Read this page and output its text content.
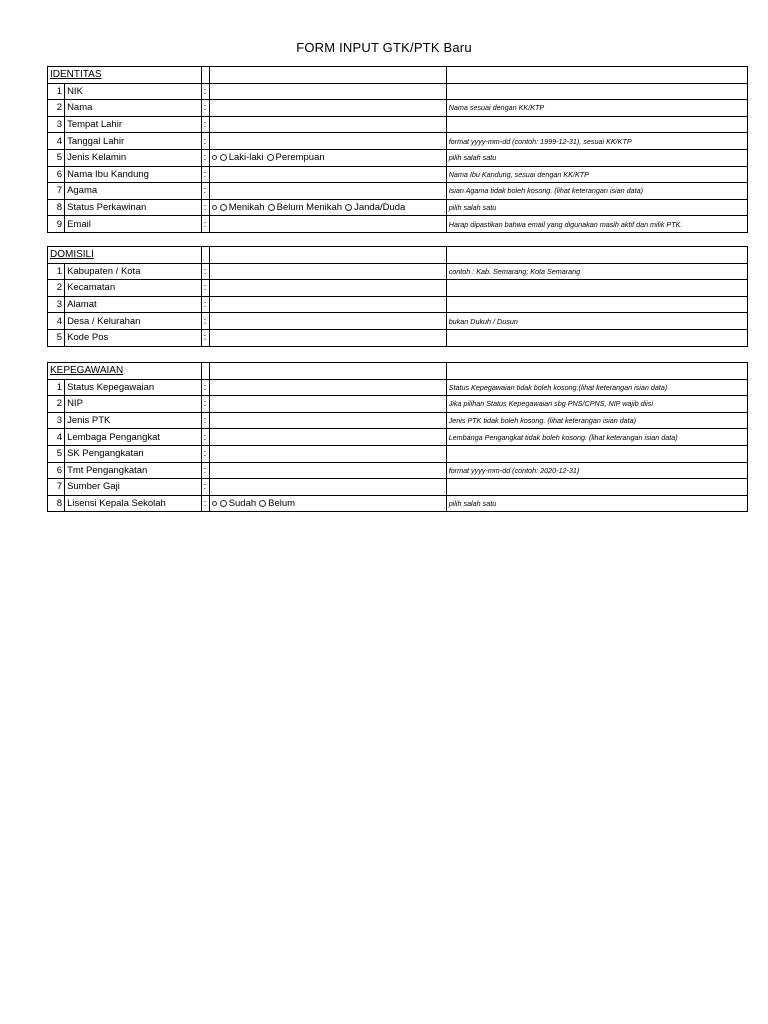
FORM INPUT GTK/PTK Baru
IDENTITAS				
1	NIK	:		
2	Nama	:		Nama sesuai dengan KK/KTP
3	Tempat Lahir	:		
4	Tanggal Lahir	:		format yyyy-mm-dd (contoh: 1999-12-31), sesuai KK/KTP
5	Jenis Kelamin	:	Laki-laki Perempuan	pilih salah satu
6	Nama Ibu Kandung	:		Nama Ibu Kandung, sesuai dengan KK/KTP
7	Agama	:		Isian Agama tidak boleh kosong. (lihat keterangan isian data)
8	Status Perkawinan	:	Menikah Belum Menikah Janda/Duda	pilih salah satu
9	Email	:		Harap dipastikan bahwa email yang digunakan masih aktif dan milik PTK.
DOMISILI				
1	Kabupaten / Kota	:		contoh : Kab. Semarang; Kota Semarang
2	Kecamatan	:		
3	Alamat	:		
4	Desa / Kelurahan	:		bukan Dukuh / Dusun
5	Kode Pos	:		
KEPEGAWAIAN				
1	Status Kepegawaian	:		Status Kepegawaian tidak boleh kosong.(lihat keterangan isian data)
2	NIP	:		Jika pilihan Status Kepegawaian sbg PNS/CPNS, NIP wajib diisi
3	Jenis PTK	:		Jenis PTK tidak boleh kosong. (lihat keterangan isian data)
4	Lembaga Pengangkat	:		Lembanga Pengangkat tidak boleh kosong. (lihat keterangan isian data)
5	SK Pengangkatan	:		
6	Tmt Pengangkatan	:		format yyyy-mm-dd (contoh: 2020-12-31)
7	Sumber Gaji	:		
8	Lisensi Kepala Sekolah	:	Sudah Belum	pilih salah satu
